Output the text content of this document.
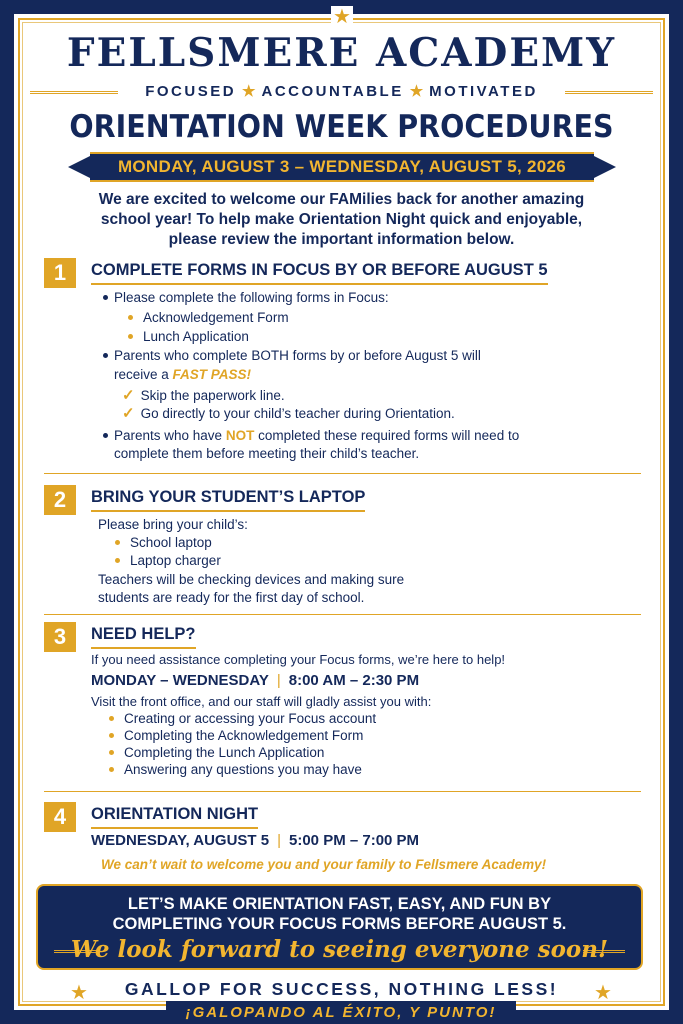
★
FELLSMERE ACADEMY
FOCUSED ★ ACCOUNTABLE ★ MOTIVATED
ORIENTATION WEEK PROCEDURES
MONDAY, AUGUST 3 – WEDNESDAY, AUGUST 5, 2026
We are excited to welcome our FAMilies back for another amazing school year! To help make Orientation Night quick and enjoyable, please review the important information below.
1	COMPLETE FORMS IN FOCUS BY OR BEFORE AUGUST 5
Please complete the following forms in Focus:
Acknowledgement Form
Lunch Application
Parents who complete BOTH forms by or before August 5 will
receive a FAST PASS!
✓ Skip the paperwork line.
✓ Go directly to your child’s teacher during Orientation.
Parents who have NOT completed these required forms will need to
complete them before meeting their child’s teacher.
2	BRING YOUR STUDENT’S LAPTOP
Please bring your child’s:
School laptop
Laptop charger
Teachers will be checking devices and making sure
students are ready for the first day of school.
3	NEED HELP?
If you need assistance completing your Focus forms, we’re here to help!
MONDAY – WEDNESDAY | 8:00 AM – 2:30 PM
Visit the front office, and our staff will gladly assist you with:
Creating or accessing your Focus account
Completing the Acknowledgement Form
Completing the Lunch Application
Answering any questions you may have
4	ORIENTATION NIGHT
WEDNESDAY, AUGUST 5 | 5:00 PM – 7:00 PM
We can’t wait to welcome you and your family to Fellsmere Academy!
LET’S MAKE ORIENTATION FAST, EASY, AND FUN BY
COMPLETING YOUR FOCUS FORMS BEFORE AUGUST 5.
We look forward to seeing everyone soon!
★	GALLOP FOR SUCCESS, NOTHING LESS!	★
¡GALOPANDO AL ÉXITO, Y PUNTO!
